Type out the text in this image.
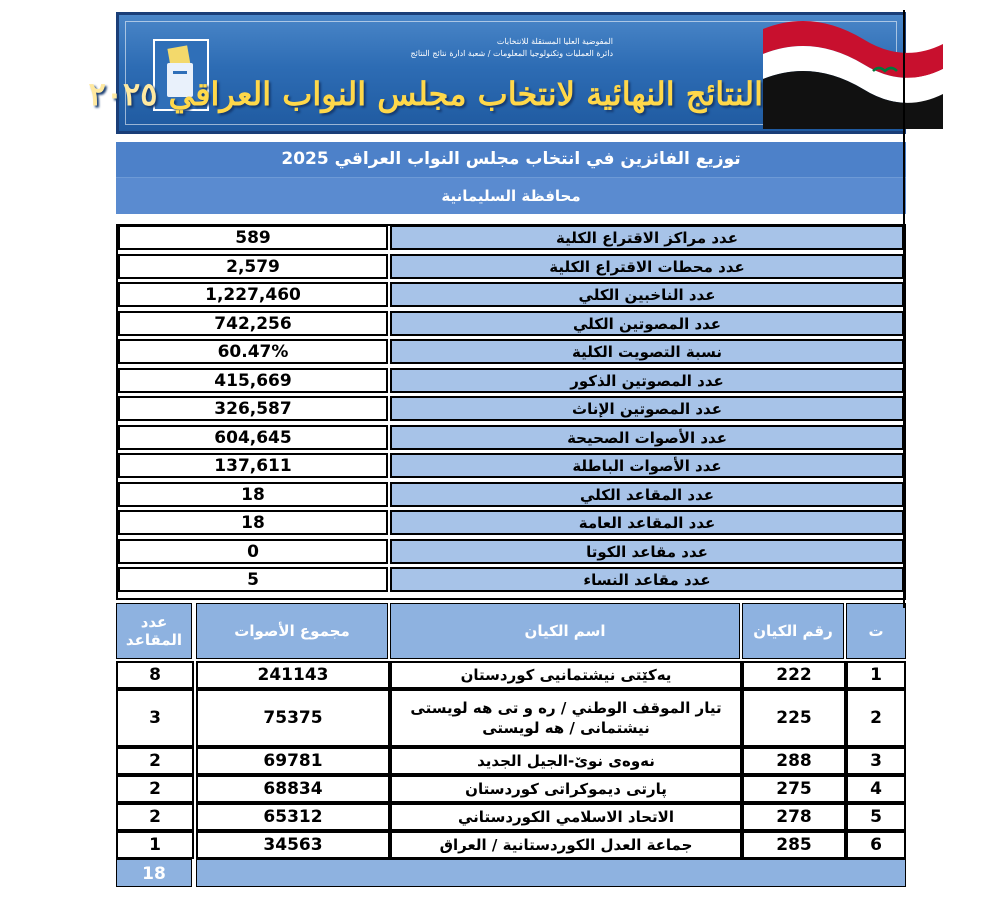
المفوضية العليا المستقلة للانتخابات
دائرة العمليات وتكنولوجيا المعلومات / شعبة ادارة نتائج النتائج
النتائج النهائية لانتخاب مجلس النواب العراقي ٢٠٢٥
توزيع الفائزين في انتخاب مجلس النواب العراقي 2025
محافظة السليمانية
589	عدد مراكز الاقتراع الكلية
2,579	عدد محطات الاقتراع الكلية
1,227,460	عدد الناخبين الكلي
742,256	عدد المصوتين الكلي
60.47%	نسبة التصويت الكلية
415,669	عدد المصوتين الذكور
326,587	عدد المصوتين الإناث
604,645	عدد الأصوات الصحيحة
137,611	عدد الأصوات الباطلة
18	عدد المقاعد الكلي
18	عدد المقاعد العامة
0	عدد مقاعد الكوتا
5	عدد مقاعد النساء
عدد المقاعد	مجموع الأصوات	اسم الكيان	رقم الكيان	ت
8	241143	يەكێتی نیشتمانیی كوردستان	222	1
3	75375	تيار الموقف الوطني / ره و تی هه لویستی نیشتمانی / هه لویستی	225	2
2	69781	نەوەی نوێ-الجيل الجديد	288	3
2	68834	پارتی ديموكراتی كوردستان	275	4
2	65312	الاتحاد الاسلامي الكوردستاني	278	5
1	34563	جماعة العدل الكوردستانية / العراق	285	6
18
